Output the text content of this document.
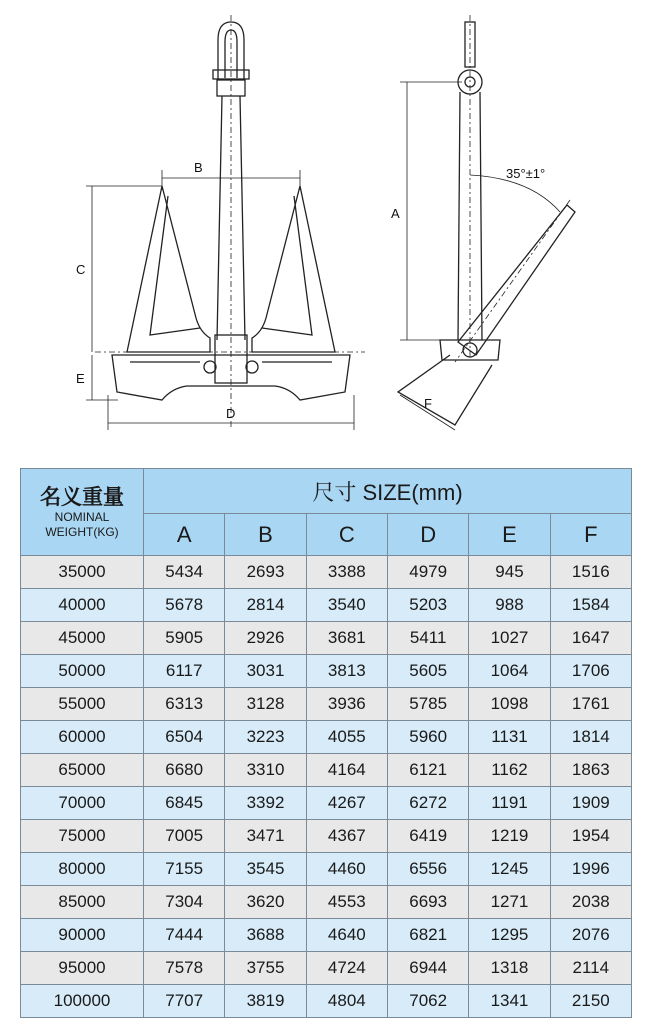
B
C
E
D
35°±1°
A
F
名义重量
NOMINAL
WEIGHT(KG)	尺寸 SIZE(mm)					
	A	B	C	D	E	F
35000	5434	2693	3388	4979	945	1516
40000	5678	2814	3540	5203	988	1584
45000	5905	2926	3681	5411	1027	1647
50000	6117	3031	3813	5605	1064	1706
55000	6313	3128	3936	5785	1098	1761
60000	6504	3223	4055	5960	1131	1814
65000	6680	3310	4164	6121	1162	1863
70000	6845	3392	4267	6272	1191	1909
75000	7005	3471	4367	6419	1219	1954
80000	7155	3545	4460	6556	1245	1996
85000	7304	3620	4553	6693	1271	2038
90000	7444	3688	4640	6821	1295	2076
95000	7578	3755	4724	6944	1318	2114
100000	7707	3819	4804	7062	1341	2150
